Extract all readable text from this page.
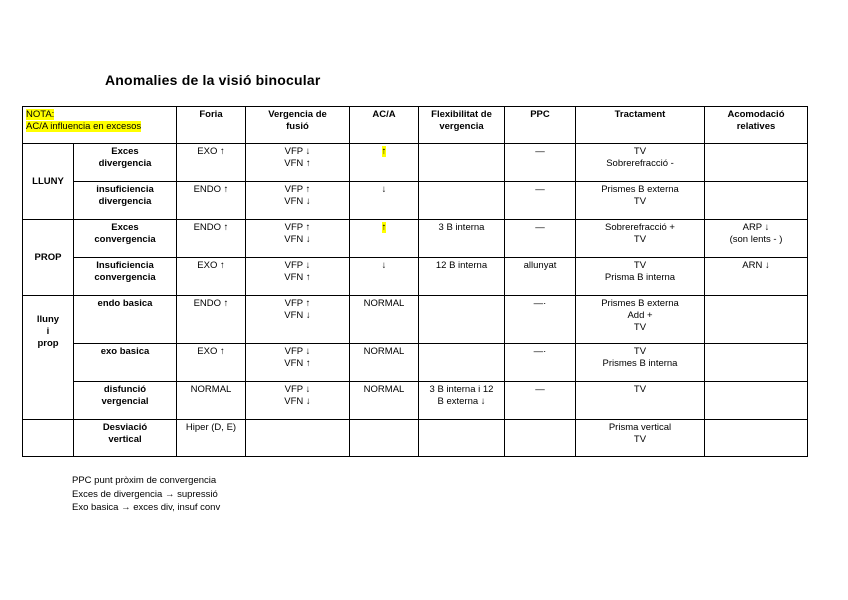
Anomalies de la visió binocular
NOTA:
AC/A influencia en excesos		Foria	Vergencia de
fusió	AC/A	Flexibilitat de
vergencia	PPC	Tractament	Acomodació
relatives
LLUNY	Exces
divergencia	EXO ↑	VFP ↓
VFN ↑	↑		—	TV
Sobrerefracció -	
	insuficiencia
divergencia	ENDO ↑	VFP ↑
VFN ↓	↓		—	Prismes B externa
TV	
PROP	Exces
convergencia	ENDO ↑	VFP ↑
VFN ↓	↑	3 B interna	—	Sobrerefracció +
TV	ARP ↓
(son lents - )
	Insuficiencia
convergencia	EXO ↑	VFP ↓
VFN ↑	↓	12 B interna	allunyat	TV
Prisma B interna	ARN ↓
lluny
i
prop	endo basica	ENDO ↑	VFP ↑
VFN ↓	NORMAL		—·	Prismes B externa
Add +
TV	
	exo basica	EXO ↑	VFP ↓
VFN ↑	NORMAL		—·	TV
Prismes B interna	
	disfunció
vergencial	NORMAL	VFP ↓
VFN ↓	NORMAL	3 B interna i 12
B externa ↓	—	TV	
	Desviació
vertical	Hiper (D, E)					Prisma vertical
TV	
PPC punt pròxim de convergencia
Exces de divergencia → supressió
Exo basica → exces div, insuf conv
